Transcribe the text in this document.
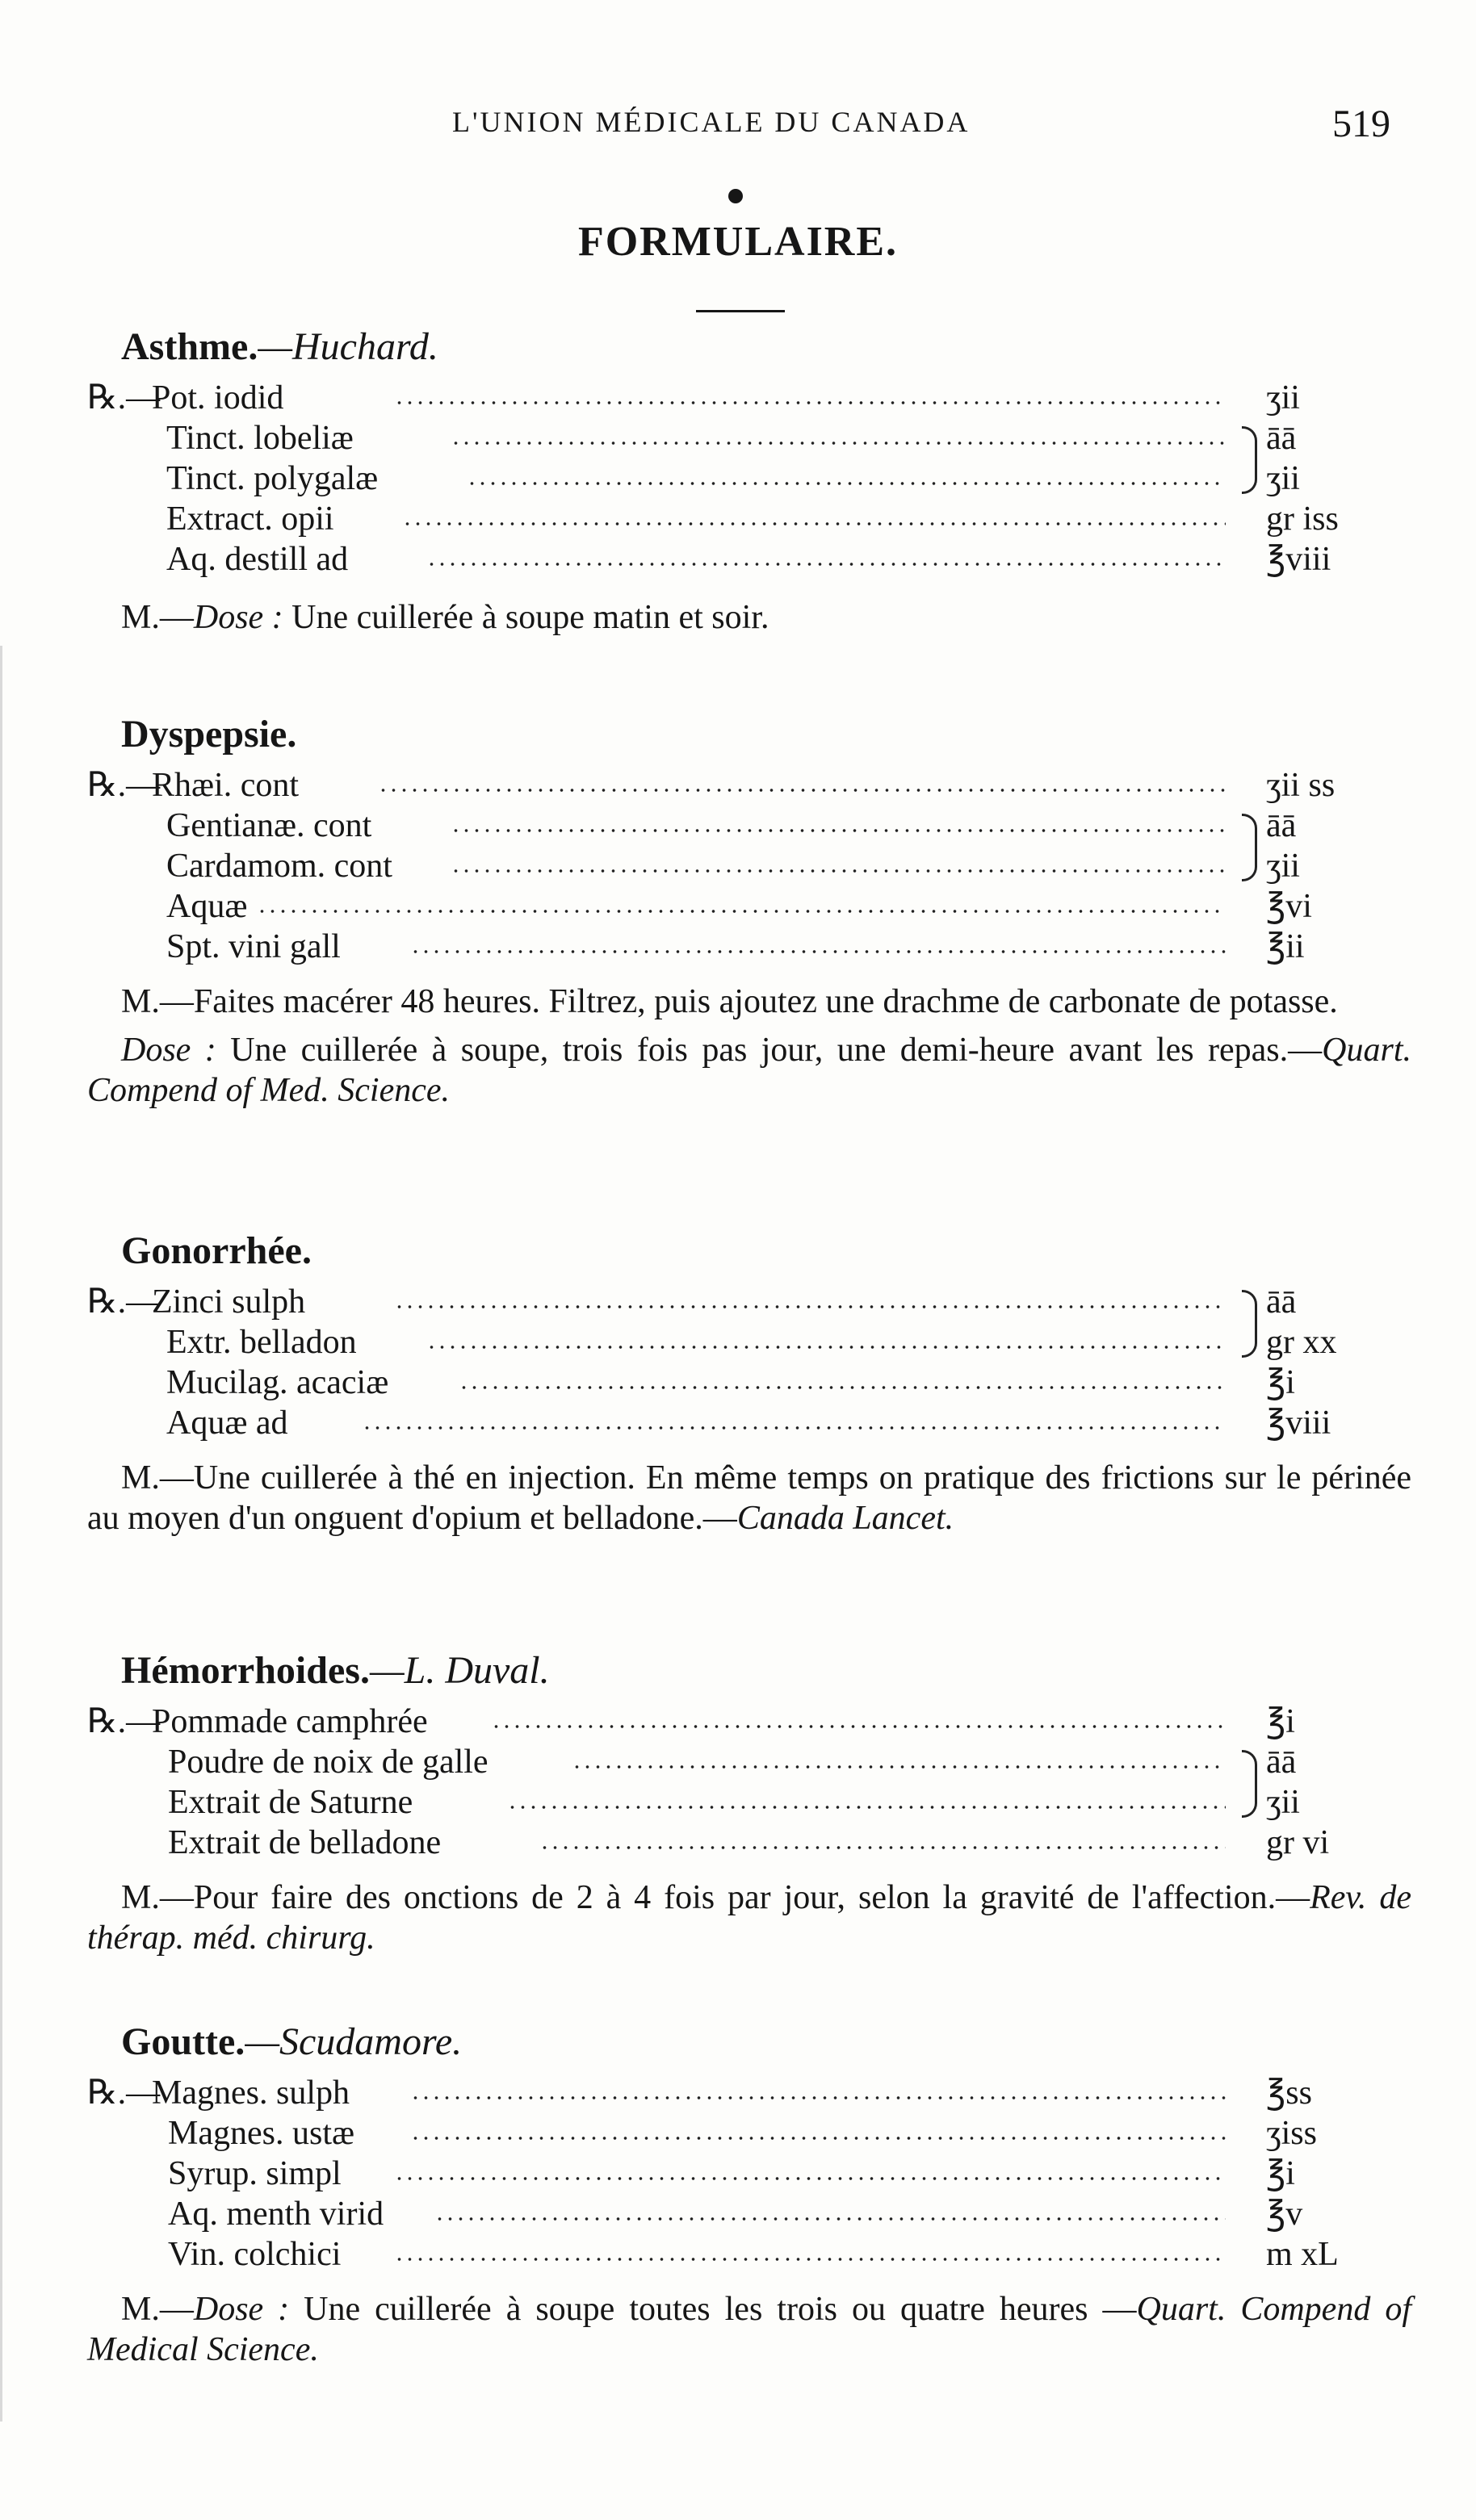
L'UNION MÉDICALE DU CANADA	519
FORMULAIRE.
Asthme.—Huchard.
℞.—
Pot. iodid	ʒii
Tinct. lobeliæ	āā
Tinct. polygalæ	ʒii
Extract. opii	gr iss
Aq. destill ad	℥viii

M.—Dose : Une cuillerée à soupe matin et soir.

Dyspepsie.
℞.—
Rhæi. cont	ʒii ss
Gentianæ. cont	āā
Cardamom. cont	ʒii
Aquæ	℥vi
Spt. vini gall	℥ii

M.—Faites macérer 48 heures. Filtrez, puis ajoutez une drachme de carbonate de potasse.

Dose : Une cuillerée à soupe, trois fois pas jour, une demi-heure avant les repas.—Quart. Compend of Med. Science.

Gonorrhée.
℞.—
Zinci sulph	āā
Extr. belladon	gr xx
Mucilag. acaciæ	℥i
Aquæ ad	℥viii

M.—Une cuillerée à thé en injection. En même temps on pratique des frictions sur le périnée au moyen d'un onguent d'opium et belladone.—Canada Lancet.

Hémorrhoides.—L. Duval.
℞.—
Pommade camphrée	℥i
Poudre de noix de galle	āā
Extrait de Saturne	ʒii
Extrait de belladone	gr vi

M.—Pour faire des onctions de 2 à 4 fois par jour, selon la gravité de l'affection.—Rev. de thérap. méd. chirurg.

Goutte.—Scudamore.
℞.—
Magnes. sulph	℥ss
Magnes. ustæ	ʒiss
Syrup. simpl	℥i
Aq. menth virid	℥v
Vin. colchici	m xL

M.—Dose : Une cuillerée à soupe toutes les trois ou quatre heures —Quart. Compend of Medical Science.
